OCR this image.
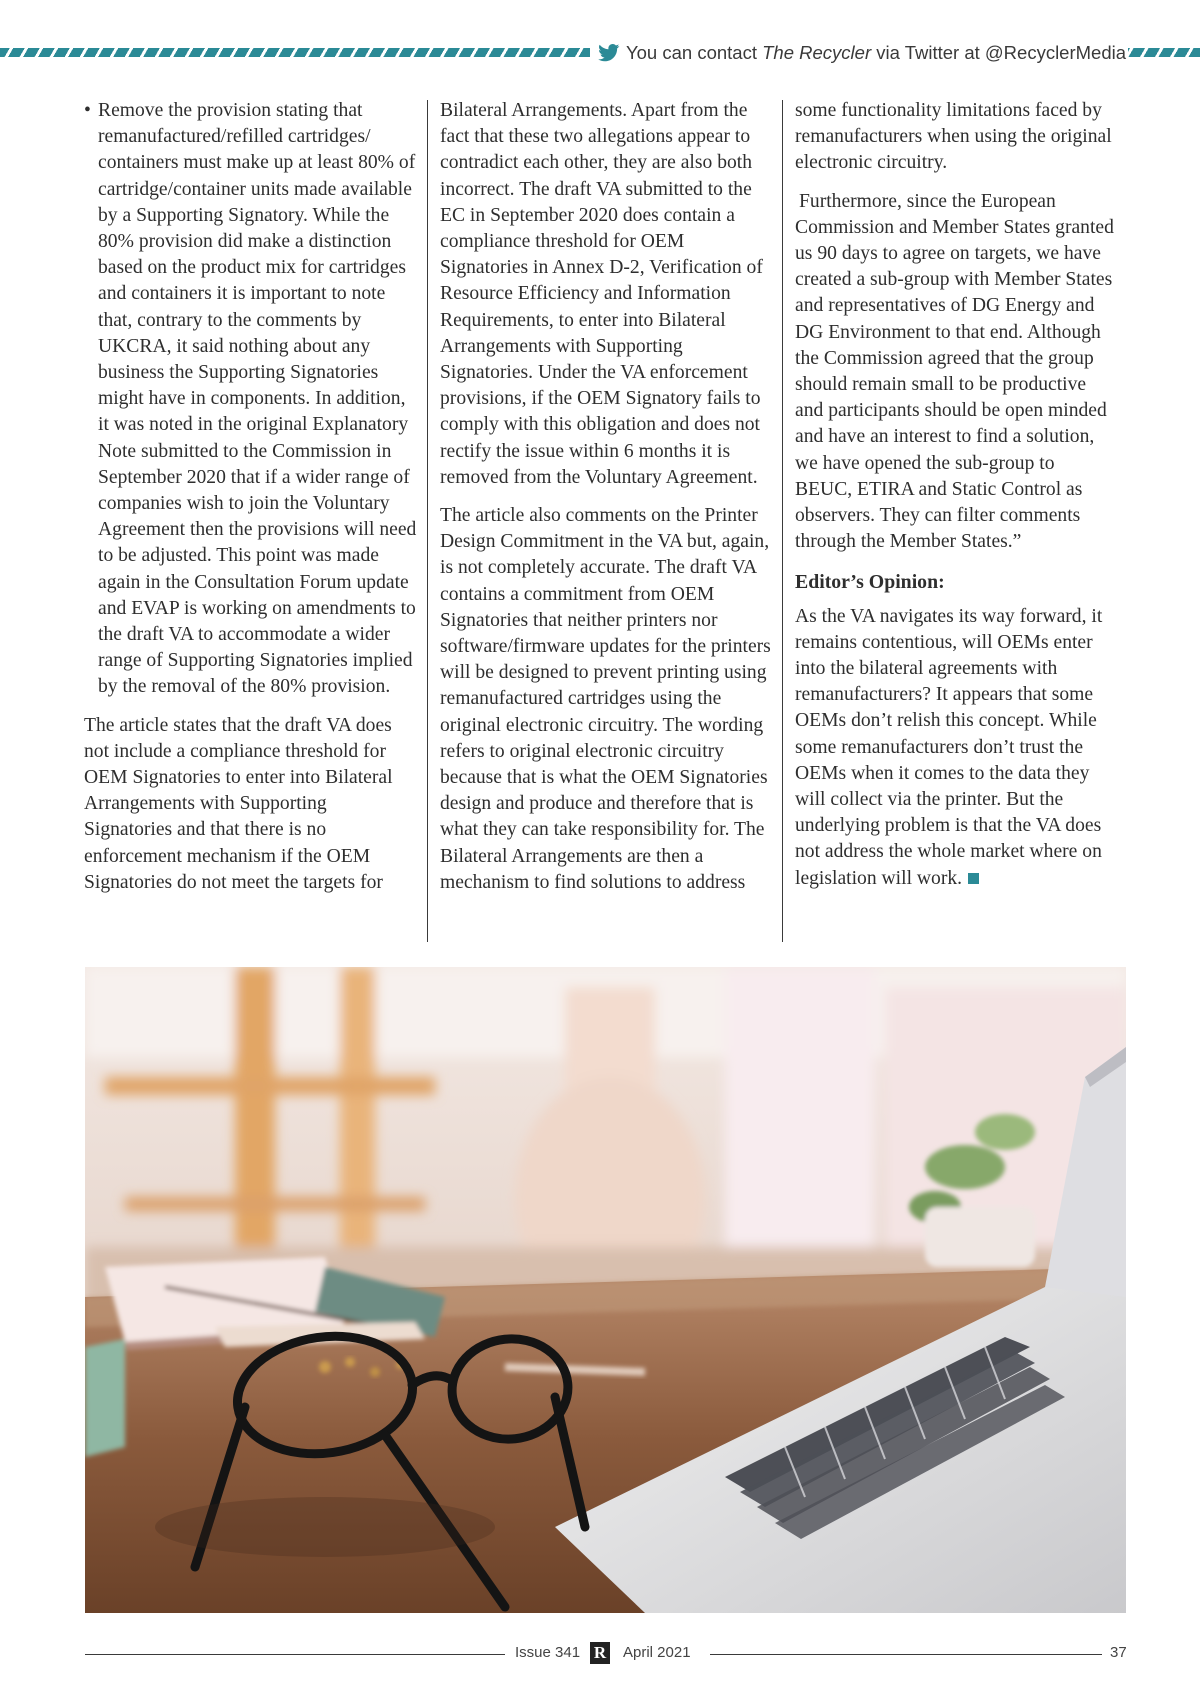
You can contact The Recycler via Twitter at @RecyclerMedia
• Remove the provision stating that remanufactured/refilled cartridges/ containers must make up at least 80% of cartridge/container units made available by a Supporting Signatory. While the 80% provision did make a distinction based on the product mix for cartridges and containers it is important to note that, contrary to the comments by UKCRA, it said nothing about any business the Supporting Signatories might have in components. In addition, it was noted in the original Explanatory Note submitted to the Commission in September 2020 that if a wider range of companies wish to join the Voluntary Agreement then the provisions will need to be adjusted. This point was made again in the Consultation Forum update and EVAP is working on amendments to the draft VA to accommodate a wider range of Supporting Signatories implied by the removal of the 80% provision.

The article states that the draft VA does not include a compliance threshold for OEM Signatories to enter into Bilateral Arrangements with Supporting Signatories and that there is no enforcement mechanism if the OEM Signatories do not meet the targets for

Bilateral Arrangements. Apart from the fact that these two allegations appear to contradict each other, they are also both incorrect. The draft VA submitted to the EC in September 2020 does contain a compliance threshold for OEM Signatories in Annex D-2, Verification of Resource Efficiency and Information Requirements, to enter into Bilateral Arrangements with Supporting Signatories. Under the VA enforcement provisions, if the OEM Signatory fails to comply with this obligation and does not rectify the issue within 6 months it is removed from the Voluntary Agreement.

The article also comments on the Printer Design Commitment in the VA but, again, is not completely accurate. The draft VA contains a commitment from OEM Signatories that neither printers nor software/firmware updates for the printers will be designed to prevent printing using remanufactured cartridges using the original electronic circuitry. The wording refers to original electronic circuitry because that is what the OEM Signatories design and produce and therefore that is what they can take responsibility for. The Bilateral Arrangements are then a mechanism to find solutions to address

some functionality limitations faced by remanufacturers when using the original electronic circuitry.

Furthermore, since the European Commission and Member States granted us 90 days to agree on targets, we have created a sub-group with Member States and representatives of DG Energy and DG Environment to that end. Although the Commission agreed that the group should remain small to be productive and participants should be open minded and have an interest to find a solution, we have opened the sub-group to BEUC, ETIRA and Static Control as observers. They can filter comments through the Member States.”

Editor’s Opinion:

As the VA navigates its way forward, it remains contentious, will OEMs enter into the bilateral agreements with remanufacturers? It appears that some OEMs don’t relish this concept. While some remanufacturers don’t trust the OEMs when it comes to the data they will collect via the printer. But the underlying problem is that the VA does not address the whole market where on legislation will work.

Issue 341 R April 2021	37
